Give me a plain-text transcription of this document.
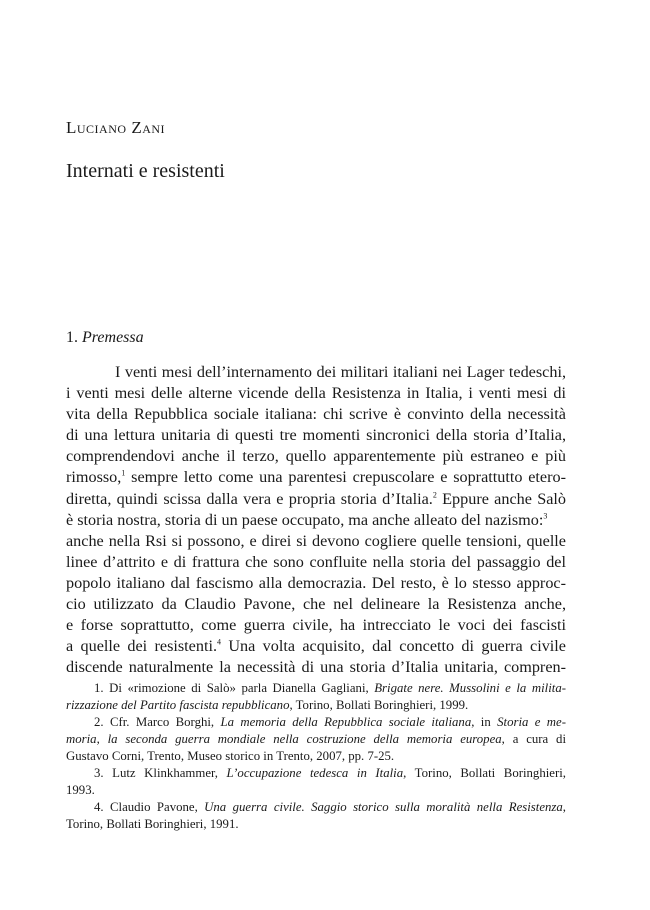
Luciano Zani
Internati e resistenti
1. Premessa
I venti mesi dell’internamento dei militari italiani nei Lager tedeschi,
i venti mesi delle alterne vicende della Resistenza in Italia, i venti mesi di
vita della Repubblica sociale italiana: chi scrive è convinto della necessità
di una lettura unitaria di questi tre momenti sincronici della storia d’Italia,
comprendendovi anche il terzo, quello apparentemente più estraneo e più
rimosso,$^1$ sempre letto come una parentesi crepuscolare e soprattutto etero-
diretta, quindi scissa dalla vera e propria storia d’Italia.$^2$ Eppure anche Salò
è storia nostra, storia di un paese occupato, ma anche alleato del nazismo:$^3$
anche nella Rsi si possono, e direi si devono cogliere quelle tensioni, quelle
linee d’attrito e di frattura che sono confluite nella storia del passaggio del
popolo italiano dal fascismo alla democrazia. Del resto, è lo stesso approc-
cio utilizzato da Claudio Pavone, che nel delineare la Resistenza anche,
e forse soprattutto, come guerra civile, ha intrecciato le voci dei fascisti
a quelle dei resistenti.$^4$ Una volta acquisito, dal concetto di guerra civile
discende naturalmente la necessità di una storia d’Italia unitaria, compren-
1. Di «rimozione di Salò» parla Dianella Gagliani, Brigate nere. Mussolini e la milita-
rizzazione del Partito fascista repubblicano, Torino, Bollati Boringhieri, 1999.
2. Cfr. Marco Borghi, La memoria della Repubblica sociale italiana, in Storia e me-
moria, la seconda guerra mondiale nella costruzione della memoria europea, a cura di
Gustavo Corni, Trento, Museo storico in Trento, 2007, pp. 7-25.
3. Lutz Klinkhammer, L’occupazione tedesca in Italia, Torino, Bollati Boringhieri,
1993.
4. Claudio Pavone, Una guerra civile. Saggio storico sulla moralità nella Resistenza,
Torino, Bollati Boringhieri, 1991.
